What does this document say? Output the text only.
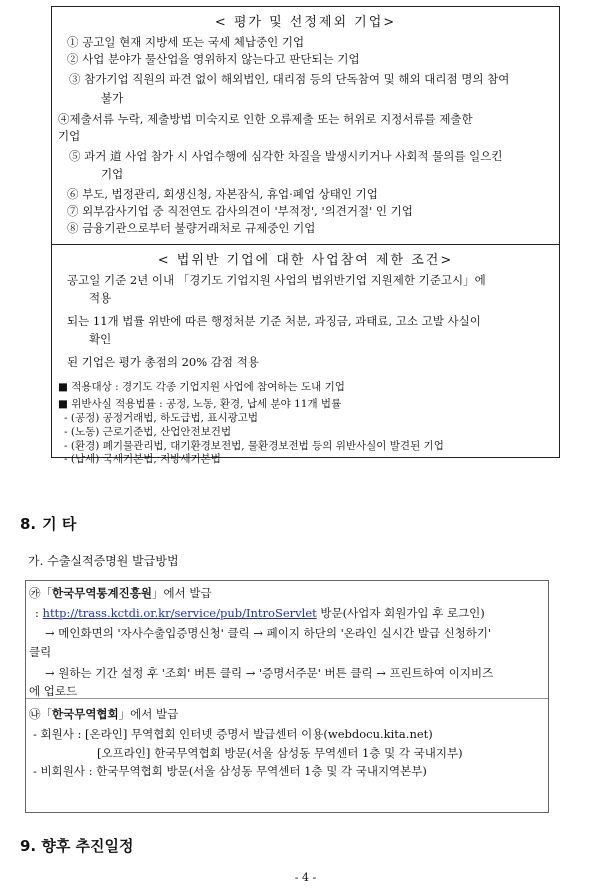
< 평가 및 선정제외 기업>
① 공고일 현재 지방세 또는 국세 체납중인 기업
② 사업 분야가 물산업을 영위하지 않는다고 판단되는 기업
③ 참가기업 직원의 파견 없이 해외법인, 대리점 등의 단독참여 및 해외 대리점 명의 참여
불가
④제출서류 누락, 제출방법 미숙지로 인한 오류제출 또는 허위로 지정서류를 제출한
기업
⑤ 과거 道 사업 참가 시 사업수행에 심각한 차질을 발생시키거나 사회적 물의를 일으킨
기업
⑥ 부도, 법정관리, 회생신청, 자본잠식, 휴업·폐업 상태인 기업
⑦ 외부감사기업 중 직전연도 감사의견이 '부적정', '의견거절' 인 기업
⑧ 금융기관으로부터 불량거래처로 규제중인 기업
< 법위반 기업에 대한 사업참여 제한 조건>
공고일 기준 2년 이내 「경기도 기업지원 사업의 법위반기업 지원제한 기준고시」에
적용
되는 11개 법률 위반에 따른 행정처분 기준 처분, 과징금, 과태료, 고소 고발 사실이
확인
된 기업은 평가 총점의 20% 감점 적용
■ 적용대상 : 경기도 각종 기업지원 사업에 참여하는 도내 기업
■ 위반사실 적용법률 : 공정, 노동, 환경, 납세 분야 11개 법률
- (공정) 공정거래법, 하도급법, 표시광고법
- (노동) 근로기준법, 산업안전보건법
- (환경) 폐기물관리법, 대기환경보전법, 물환경보전법 등의 위반사실이 발견된 기업
- (납세) 국세기본법, 지방세기본법
8. 기 타
가. 수출실적증명원 발급방법
㉮「한국무역통계진흥원」에서 발급
: http://trass.kctdi.or.kr/service/pub/IntroServlet 방문(사업자 회원가입 후 로그인)
→ 메인화면의 '자사수출입증명신청' 클릭 → 페이지 하단의 '온라인 실시간 발급 신청하기'
클릭
→ 원하는 기간 설정 후 '조회' 버튼 클릭 → '증명서주문' 버튼 클릭 → 프린트하여 이지비즈
에 업로드
㉯「한국무역협회」에서 발급
- 회원사 : [온라인] 무역협회 인터넷 증명서 발급센터 이용(webdocu.kita.net)
[오프라인] 한국무역협회 방문(서울 삼성동 무역센터 1층 및 각 국내지부)
- 비회원사 : 한국무역협회 방문(서울 삼성동 무역센터 1층 및 각 국내지역본부)
9. 향후 추진일정
- 4 -
